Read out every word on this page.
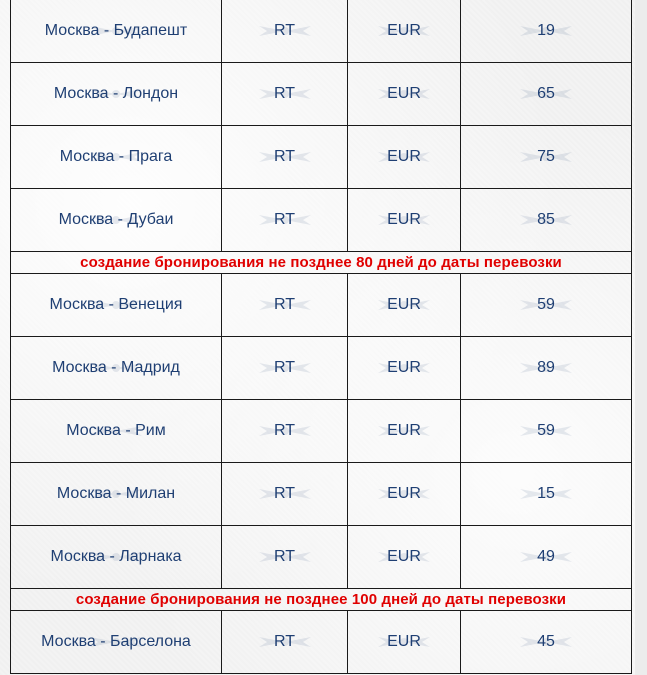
Москва - Будапешт	RT	EUR	19

Москва - Лондон	RT	EUR	65

Москва - Прага	RT	EUR	75

Москва - Дубаи	RT	EUR	85
создание бронирования не позднее 80 дней до даты перевозки			

Москва - Венеция	RT	EUR	59

Москва - Мадрид	RT	EUR	89

Москва - Рим	RT	EUR	59

Москва - Милан	RT	EUR	15

Москва - Ларнака	RT	EUR	49
создание бронирования не позднее 100 дней до даты перевозки			

Москва - Барселона	RT	EUR	45
